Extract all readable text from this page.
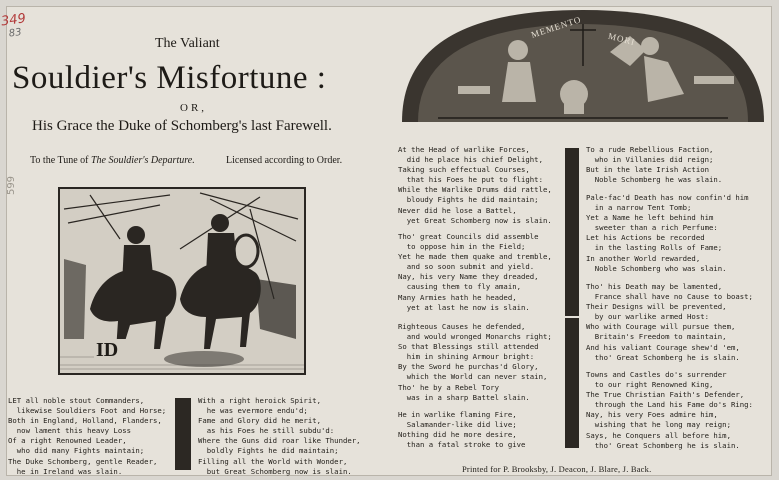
349
83
599
The Valiant
Souldier's Misfortune :
OR,
His Grace the Duke of Schomberg's last Farewell.
To the Tune of The Souldier's Departure.	Licensed according to Order.
ID
MEMENTO	MORI
LET all noble stout Commanders,
likewise Souldiers Foot and Horse;
Both in England, Holland, Flanders,
now lament this heavy Loss
Of a right Renowned Leader,
who did many Fights maintain;
The Duke Schomberg, gentle Reader,
he in Ireland was slain.
With a right heroick Spirit,
he was evermore endu'd;
Fame and Glory did he merit,
as his Foes he still subdu'd:
Where the Guns did roar like Thunder,
boldly Fights he did maintain;
Filling all the World with Wonder,
but Great Schomberg now is slain.
At the Head of warlike Forces,
did he place his chief Delight,
Taking such effectual Courses,
that his Foes he put to flight:
While the Warlike Drums did rattle,
bloudy Fights he did maintain;
Never did he lose a Battel,
yet Great Schomberg now is slain.
Tho' great Councils did assemble
to oppose him in the Field;
Yet he made them quake and tremble,
and so soon submit and yield.
Nay, his very Name they dreaded,
causing them to fly amain,
Many Armies hath he headed,
yet at last he now is slain.
Righteous Causes he defended,
and would wronged Monarchs right;
So that Blessings still attended
him in shining Armour bright:
By the Sword he purchas'd Glory,
which the World can never stain,
Tho' he by a Rebel Tory
was in a sharp Battel slain.
He in warlike flaming Fire,
Salamander-like did live;
Nothing did he more desire,
than a fatal stroke to give
To a rude Rebellious Faction,
who in Villanies did reign;
But in the late Irish Action
Noble Schomberg he was slain.
Pale-fac'd Death has now confin'd him
in a narrow Tent Tomb;
Yet a Name he left behind him
sweeter than a rich Perfume:
Let his Actions be recorded
in the lasting Rolls of Fame;
In another World rewarded,
Noble Schomberg who was slain.
Tho' his Death may be lamented,
France shall have no Cause to boast;
Their Designs will be prevented,
by our warlike armed Host:
Who with Courage will pursue them,
Britain's Freedom to maintain,
And his valiant Courage shew'd 'em,
tho' Great Schomberg he is slain.
Towns and Castles do's surrender
to our right Renowned King,
The True Christian Faith's Defender,
through the Land his Fame do's Ring:
Nay, his very Foes admire him,
wishing that he long may reign;
Says, he Conquers all before him,
tho' Great Schomberg he is slain.
Printed for P. Brooksby, J. Deacon, J. Blare, J. Back.
